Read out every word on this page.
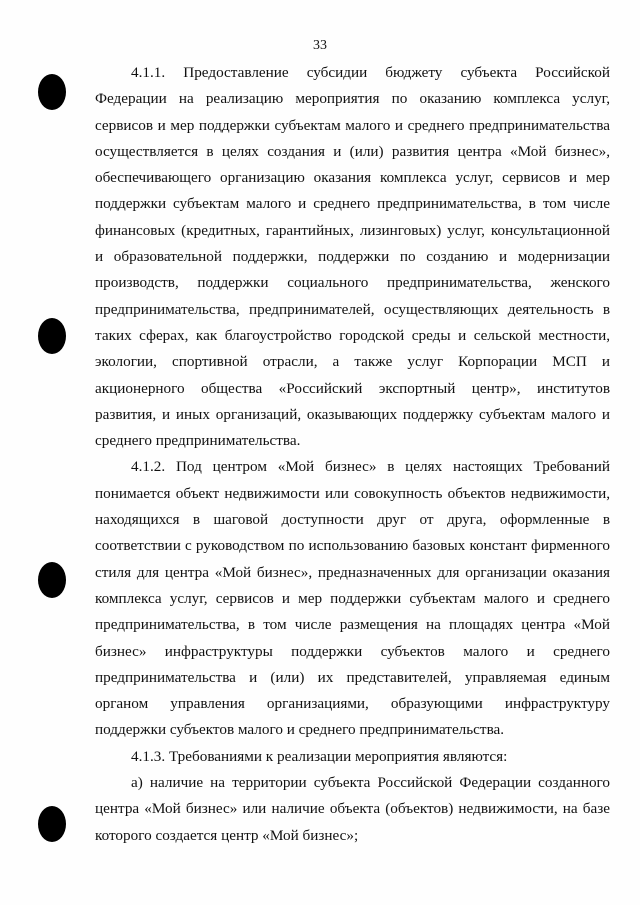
33

4.1.1. Предоставление субсидии бюджету субъекта Российской Федерации на реализацию мероприятия по оказанию комплекса услуг, сервисов и мер поддержки субъектам малого и среднего предпринимательства осуществляется в целях создания и (или) развития центра «Мой бизнес», обеспечивающего организацию оказания комплекса услуг, сервисов и мер поддержки субъектам малого и среднего предпринимательства, в том числе финансовых (кредитных, гарантийных, лизинговых) услуг, консультационной и образовательной поддержки, поддержки по созданию и модернизации производств, поддержки социального предпринимательства, женского предпринимательства, предпринимателей, осуществляющих деятельность в таких сферах, как благоустройство городской среды и сельской местности, экологии, спортивной отрасли, а также услуг Корпорации МСП и акционерного общества «Российский экспортный центр», институтов развития, и иных организаций, оказывающих поддержку субъектам малого и среднего предпринимательства.

4.1.2. Под центром «Мой бизнес» в целях настоящих Требований понимается объект недвижимости или совокупность объектов недвижимости, находящихся в шаговой доступности друг от друга, оформленные в соответствии с руководством по использованию базовых констант фирменного стиля для центра «Мой бизнес», предназначенных для организации оказания комплекса услуг, сервисов и мер поддержки субъектам малого и среднего предпринимательства, в том числе размещения на площадях центра «Мой бизнес» инфраструктуры поддержки субъектов малого и среднего предпринимательства и (или) их представителей, управляемая единым органом управления организациями, образующими инфраструктуру поддержки субъектов малого и среднего предпринимательства.

4.1.3. Требованиями к реализации мероприятия являются:

а) наличие на территории субъекта Российской Федерации созданного центра «Мой бизнес» или наличие объекта (объектов) недвижимости, на базе которого создается центр «Мой бизнес»;
